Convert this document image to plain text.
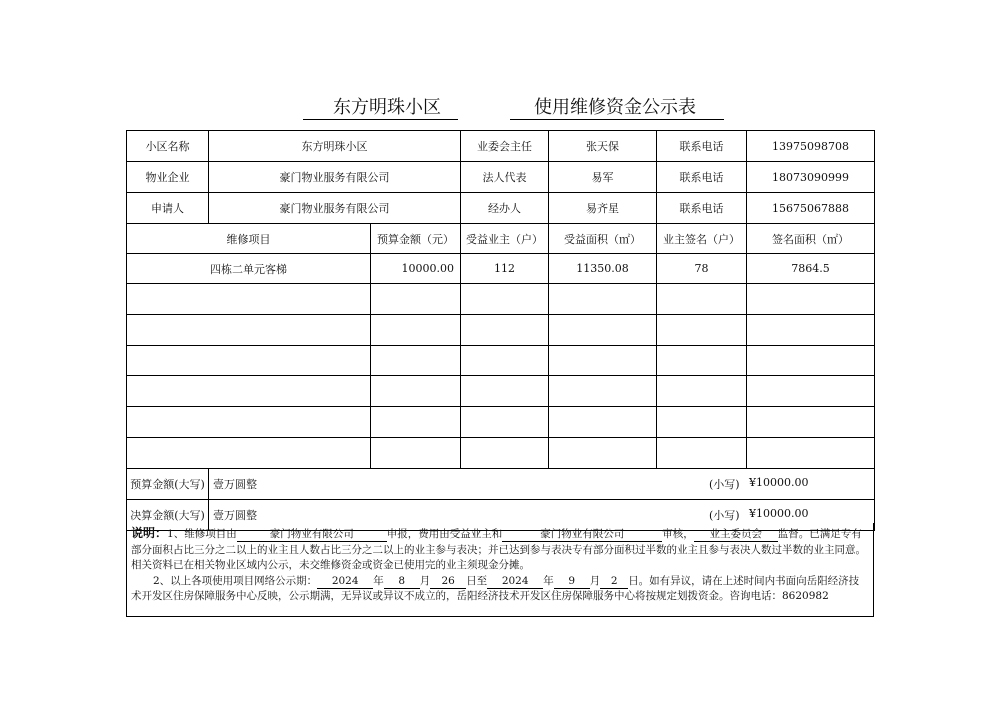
东方明珠小区	使用维修资金公示表
小区名称	东方明珠小区		业委会主任	张天保	联系电话	13975098708
物业企业	豪门物业服务有限公司		法人代表	易军	联系电话	18073090999
申请人	豪门物业服务有限公司		经办人	易齐星	联系电话	15675067888
维修项目		预算金额（元）	受益业主（户）	受益面积（㎡）	业主签名（户）	签名面积（㎡）
四栋二单元客梯		10000.00	112	11350.08	78	7864.5

预算金额(大写)	壹万圆整 (小写) ¥10000.00					

决算金额(大写)	壹万圆整 (小写) ¥10000.00					
说明：1、维修项目由	豪门物业有限公司	申报，费用由受益业主和	豪门物业有限公司	审核， 业主委员会 监督。已满足专有部分面积占比三分之二以上的业主且人数占比三分之二以上的业主参与表决；并已达到参与表决专有部分面积过半数的业主且参与表决人数过半数的业主同意。相关资料已在相关物业区域内公示，未交维修资金或资金已使用完的业主须现金分摊。
2、以上各项使用项目网络公示期： 2024 年 8 月 26 日至 2024 年 9 月 2 日。如有异议，请在上述时间内书面向岳阳经济技术开发区住房保障服务中心反映，公示期满，无异议或异议不成立的，岳阳经济技术开发区住房保障服务中心将按规定划拨资金。咨询电话：8620982
